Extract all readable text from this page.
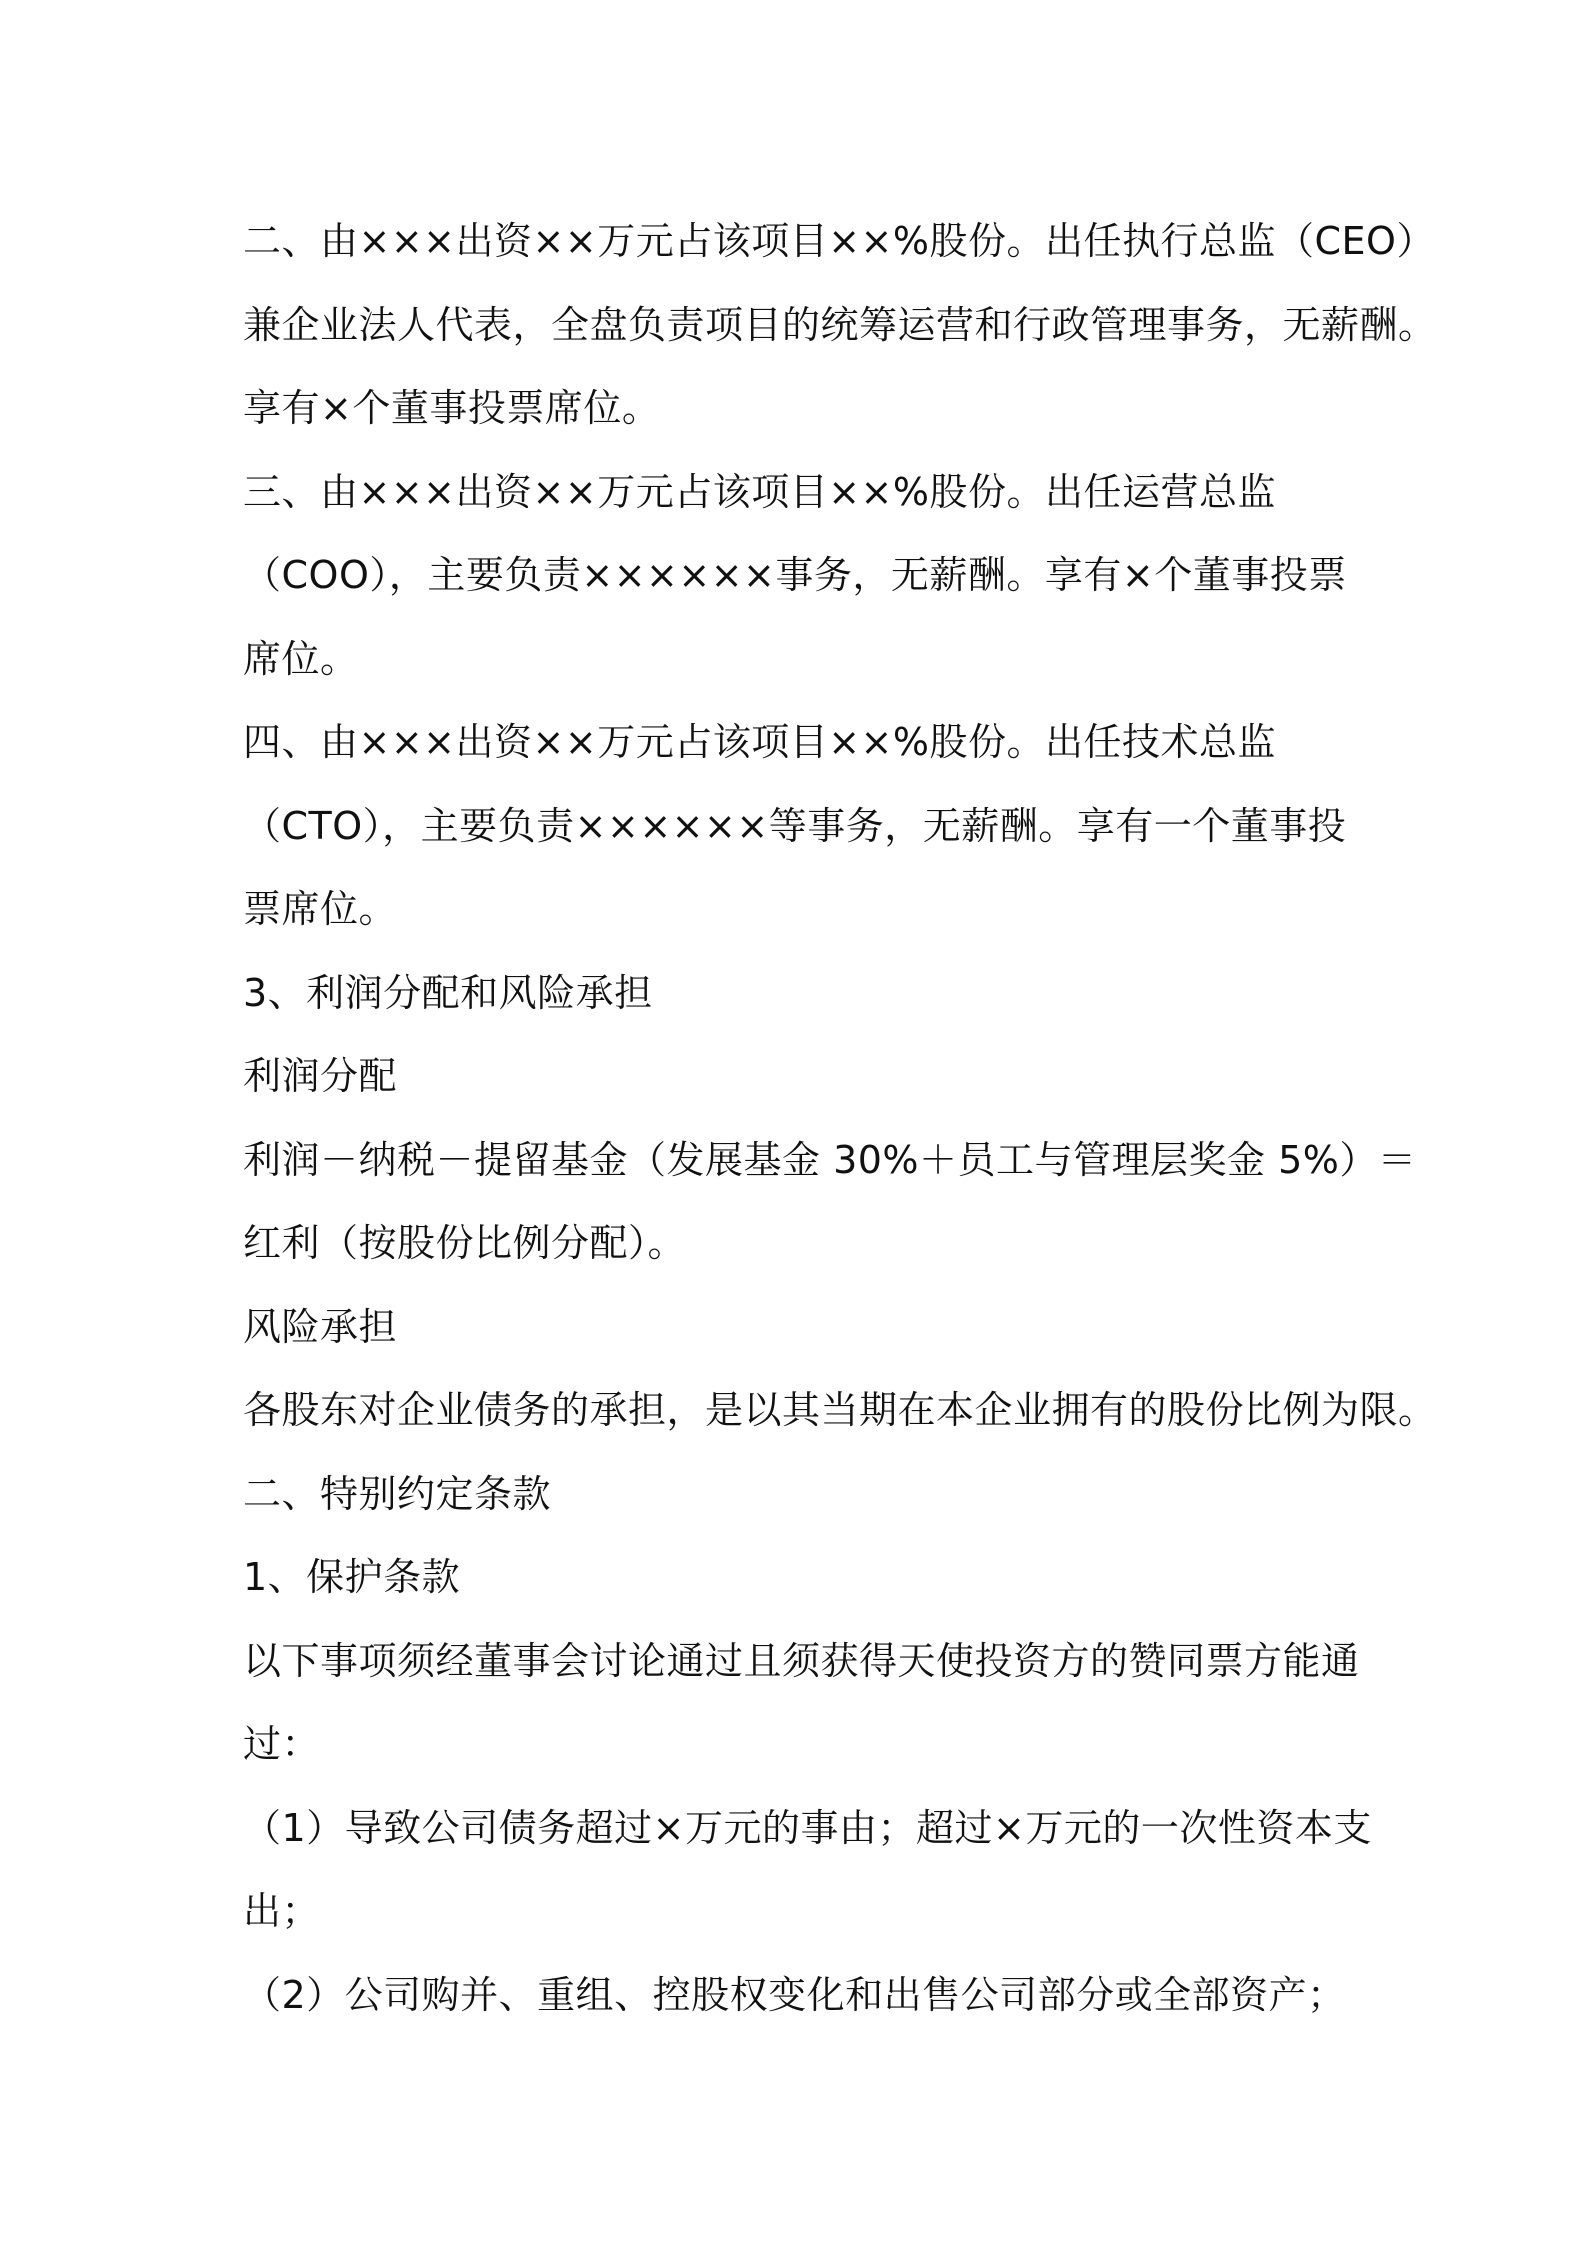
二、由×××出资××万元占该项目××%股份。出任执行总监（CEO）
兼企业法人代表，全盘负责项目的统筹运营和行政管理事务，无薪酬。
享有×个董事投票席位。
三、由×××出资××万元占该项目××%股份。出任运营总监
（COO），主要负责××××××事务，无薪酬。享有×个董事投票
席位。
四、由×××出资××万元占该项目××%股份。出任技术总监
（CTO），主要负责××××××等事务，无薪酬。享有一个董事投
票席位。
3、利润分配和风险承担
利润分配
利润－纳税－提留基金（发展基金 30%＋员工与管理层奖金 5%）＝
红利（按股份比例分配）。
风险承担
各股东对企业债务的承担，是以其当期在本企业拥有的股份比例为限。
二、特别约定条款
1、保护条款
以下事项须经董事会讨论通过且须获得天使投资方的赞同票方能通
过：
（1）导致公司债务超过×万元的事由；超过×万元的一次性资本支
出；
（2）公司购并、重组、控股权变化和出售公司部分或全部资产；
